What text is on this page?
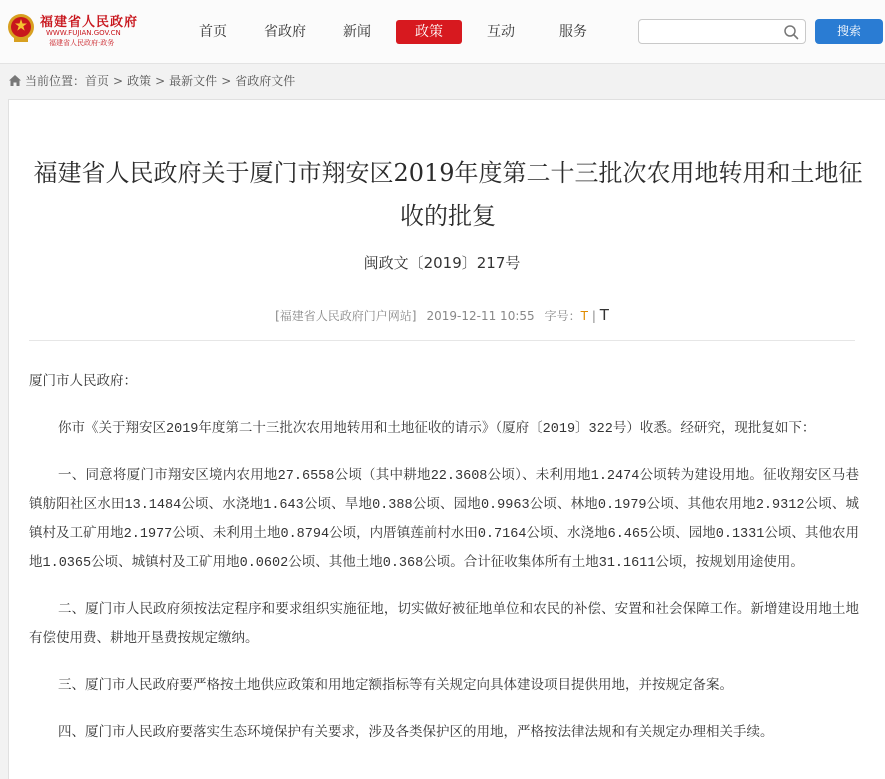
福建省人民政府
WWW.FUJIAN.GOV.CN
福建省人民政府·政务
首页	省政府	新闻	政策	互动	服务	搜索
当前位置：首页 > 政策 > 最新文件 > 省政府文件
福建省人民政府关于厦门市翔安区2019年度第二十三批次农用地转用和土地征收的批复
闽政文〔2019〕217号
[福建省人民政府门户网站] 2019-12-11 10:55 字号：T | T

厦门市人民政府：

你市《关于翔安区2019年度第二十三批次农用地转用和土地征收的请示》（厦府〔2019〕322号）收悉。经研究，现批复如下：

一、同意将厦门市翔安区境内农用地27.6558公顷（其中耕地22.3608公顷）、未利用地1.2474公顷转为建设用地。征收翔安区马巷镇舫阳社区水田13.1484公顷、水浇地1.643公顷、旱地0.388公顷、园地0.9963公顷、林地0.1979公顷、其他农用地2.9312公顷、城镇村及工矿用地2.1977公顷、未利用土地0.8794公顷，内厝镇莲前村水田0.7164公顷、水浇地6.465公顷、园地0.1331公顷、其他农用地1.0365公顷、城镇村及工矿用地0.0602公顷、其他土地0.368公顷。合计征收集体所有土地31.1611公顷，按规划用途使用。

二、厦门市人民政府须按法定程序和要求组织实施征地，切实做好被征地单位和农民的补偿、安置和社会保障工作。新增建设用地土地有偿使用费、耕地开垦费按规定缴纳。

三、厦门市人民政府要严格按土地供应政策和用地定额指标等有关规定向具体建设项目提供用地，并按规定备案。

四、厦门市人民政府要落实生态环境保护有关要求，涉及各类保护区的用地，严格按法律法规和有关规定办理相关手续。
